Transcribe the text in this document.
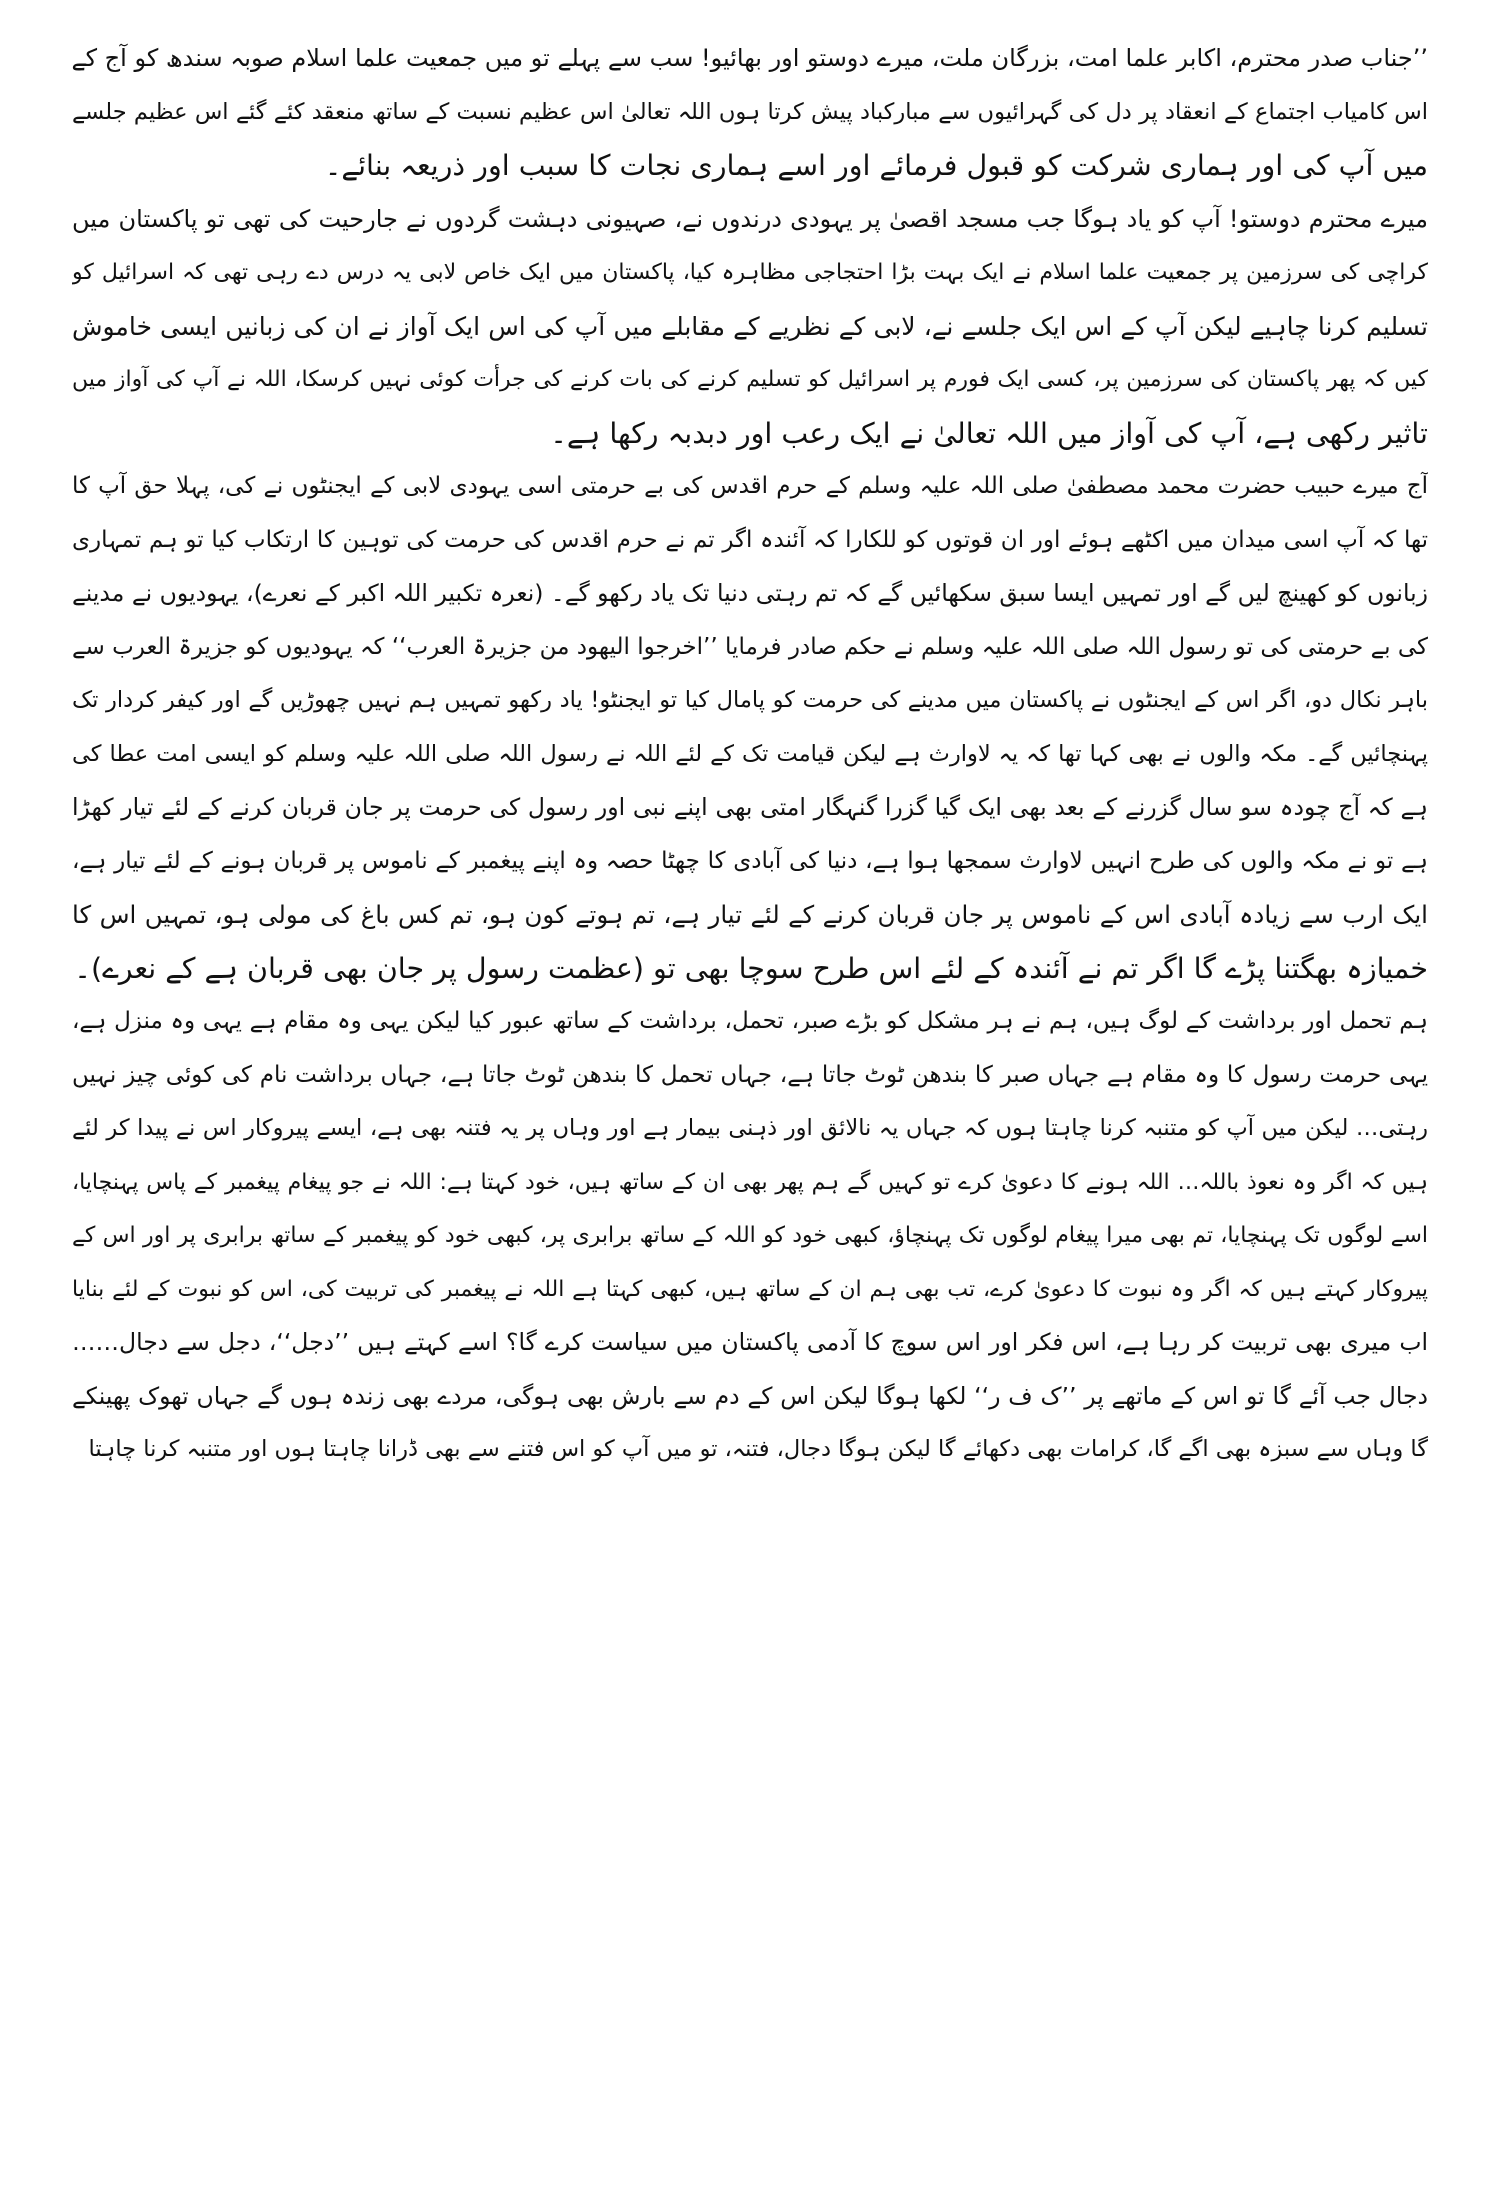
’’جناب صدر محترم، اکابر علما امت، بزرگان ملت، میرے دوستو اور بھائیو! سب سے پہلے تو میں جمعیت علما اسلام صوبہ سندھ کو آج کے
اس کامیاب اجتماع کے انعقاد پر دل کی گہرائیوں سے مبارکباد پیش کرتا ہوں اللہ تعالیٰ اس عظیم نسبت کے ساتھ منعقد کئے گئے اس عظیم جلسے
میں آپ کی اور ہماری شرکت کو قبول فرمائے اور اسے ہماری نجات کا سبب اور ذریعہ بنائے۔
میرے محترم دوستو! آپ کو یاد ہوگا جب مسجد اقصیٰ پر یہودی درندوں نے، صہیونی دہشت گردوں نے جارحیت کی تھی تو پاکستان میں
کراچی کی سرزمین پر جمعیت علما اسلام نے ایک بہت بڑا احتجاجی مظاہرہ کیا، پاکستان میں ایک خاص لابی یہ درس دے رہی تھی کہ اسرائیل کو
تسلیم کرنا چاہیے لیکن آپ کے اس ایک جلسے نے، لابی کے نظریے کے مقابلے میں آپ کی اس ایک آواز نے ان کی زبانیں ایسی خاموش
کیں کہ پھر پاکستان کی سرزمین پر، کسی ایک فورم پر اسرائیل کو تسلیم کرنے کی بات کرنے کی جرأت کوئی نہیں کرسکا، اللہ نے آپ کی آواز میں
تاثیر رکھی ہے، آپ کی آواز میں اللہ تعالیٰ نے ایک رعب اور دبدبہ رکھا ہے۔
آج میرے حبیب حضرت محمد مصطفیٰ صلی اللہ علیہ وسلم کے حرم اقدس کی بے حرمتی اسی یہودی لابی کے ایجنٹوں نے کی، پہلا حق آپ کا
تھا کہ آپ اسی میدان میں اکٹھے ہوئے اور ان قوتوں کو للکارا کہ آئندہ اگر تم نے حرم اقدس کی حرمت کی توہین کا ارتکاب کیا تو ہم تمہاری
زبانوں کو کھینچ لیں گے اور تمہیں ایسا سبق سکھائیں گے کہ تم رہتی دنیا تک یاد رکھو گے۔ (نعرہ تکبیر اللہ اکبر کے نعرے)، یہودیوں نے مدینے
کی بے حرمتی کی تو رسول اللہ صلی اللہ علیہ وسلم نے حکم صادر فرمایا ’’اخرجوا الیھود من جزیرۃ العرب‘‘ کہ یہودیوں کو جزیرۃ العرب سے
باہر نکال دو، اگر اس کے ایجنٹوں نے پاکستان میں مدینے کی حرمت کو پامال کیا تو ایجنٹو! یاد رکھو تمہیں ہم نہیں چھوڑیں گے اور کیفر کردار تک
پہنچائیں گے۔ مکہ والوں نے بھی کہا تھا کہ یہ لاوارث ہے لیکن قیامت تک کے لئے اللہ نے رسول اللہ صلی اللہ علیہ وسلم کو ایسی امت عطا کی
ہے کہ آج چودہ سو سال گزرنے کے بعد بھی ایک گیا گزرا گنہگار امتی بھی اپنے نبی اور رسول کی حرمت پر جان قربان کرنے کے لئے تیار کھڑا
ہے تو نے مکہ والوں کی طرح انہیں لاوارث سمجھا ہوا ہے، دنیا کی آبادی کا چھٹا حصہ وہ اپنے پیغمبر کے ناموس پر قربان ہونے کے لئے تیار ہے،
ایک ارب سے زیادہ آبادی اس کے ناموس پر جان قربان کرنے کے لئے تیار ہے، تم ہوتے کون ہو، تم کس باغ کی مولی ہو، تمہیں اس کا
خمیازہ بھگتنا پڑے گا اگر تم نے آئندہ کے لئے اس طرح سوچا بھی تو (عظمت رسول پر جان بھی قربان ہے کے نعرے)۔
ہم تحمل اور برداشت کے لوگ ہیں، ہم نے ہر مشکل کو بڑے صبر، تحمل، برداشت کے ساتھ عبور کیا لیکن یہی وہ مقام ہے یہی وہ منزل ہے،
یہی حرمت رسول کا وہ مقام ہے جہاں صبر کا بندھن ٹوٹ جاتا ہے، جہاں تحمل کا بندھن ٹوٹ جاتا ہے، جہاں برداشت نام کی کوئی چیز نہیں
رہتی… لیکن میں آپ کو متنبہ کرنا چاہتا ہوں کہ جہاں یہ نالائق اور ذہنی بیمار ہے اور وہاں پر یہ فتنہ بھی ہے، ایسے پیروکار اس نے پیدا کر لئے
ہیں کہ اگر وہ نعوذ باللہ… اللہ ہونے کا دعویٰ کرے تو کہیں گے ہم پھر بھی ان کے ساتھ ہیں، خود کہتا ہے: اللہ نے جو پیغام پیغمبر کے پاس پہنچایا،
اسے لوگوں تک پہنچایا، تم بھی میرا پیغام لوگوں تک پہنچاؤ، کبھی خود کو اللہ کے ساتھ برابری پر، کبھی خود کو پیغمبر کے ساتھ برابری پر اور اس کے
پیروکار کہتے ہیں کہ اگر وہ نبوت کا دعویٰ کرے، تب بھی ہم ان کے ساتھ ہیں، کبھی کہتا ہے اللہ نے پیغمبر کی تربیت کی، اس کو نبوت کے لئے بنایا
اب میری بھی تربیت کر رہا ہے، اس فکر اور اس سوچ کا آدمی پاکستان میں سیاست کرے گا؟ اسے کہتے ہیں ’’دجل‘‘، دجل سے دجال……
دجال جب آئے گا تو اس کے ماتھے پر ’’ک ف ر‘‘ لکھا ہوگا لیکن اس کے دم سے بارش بھی ہوگی، مردے بھی زندہ ہوں گے جہاں تھوک پھینکے
گا وہاں سے سبزہ بھی اگے گا، کرامات بھی دکھائے گا لیکن ہوگا دجال، فتنہ، تو میں آپ کو اس فتنے سے بھی ڈرانا چاہتا ہوں اور متنبہ کرنا چاہتا
